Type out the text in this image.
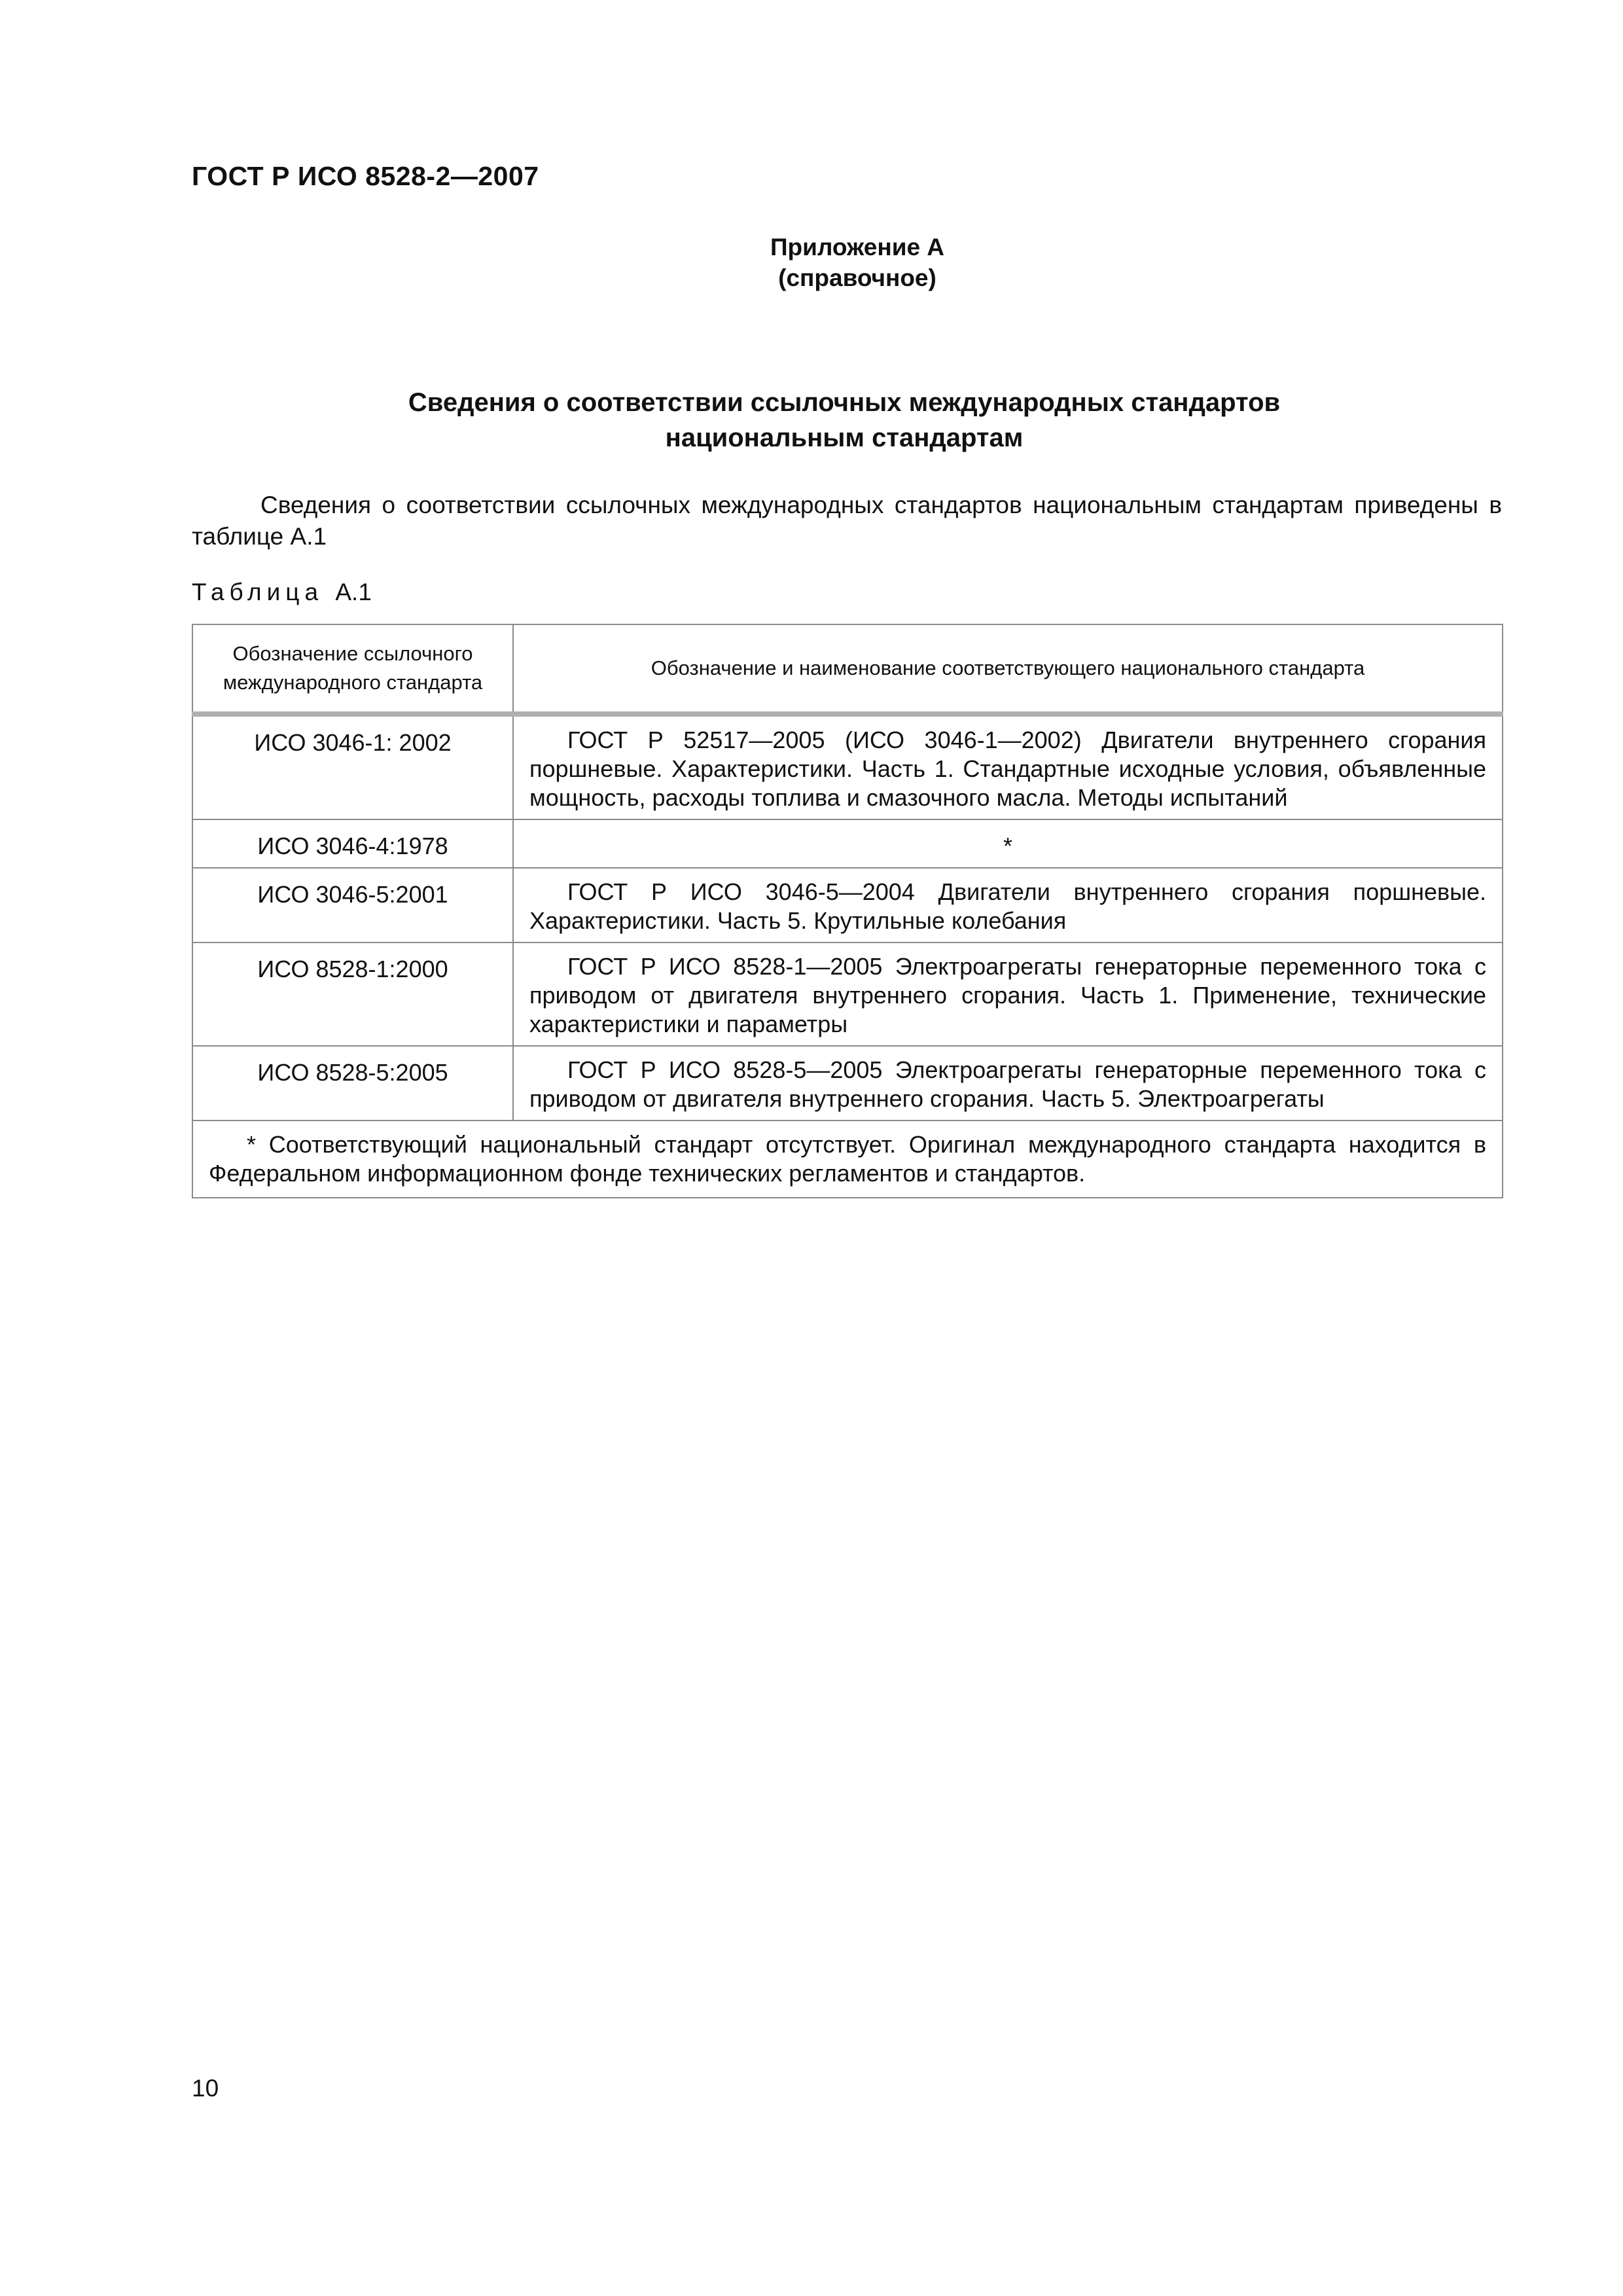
ГОСТ Р ИСО 8528-2—2007
Приложение А
(справочное)
Сведения о соответствии ссылочных международных стандартов
национальным стандартам
Сведения о соответствии ссылочных международных стандартов национальным стандартам приведены в таблице А.1
Таблица А.1
Обозначение ссылочного международного стандарта	Обозначение и наименование соответствующего национального стандарта
ИСО 3046-1: 2002	ГОСТ Р 52517—2005 (ИСО 3046-1—2002) Двигатели внутреннего сгорания поршневые. Характеристики. Часть 1. Стандартные исходные условия, объявленные мощность, расходы топлива и смазочного масла. Методы испытаний
ИСО 3046-4:1978	*
ИСО 3046-5:2001	ГОСТ Р ИСО 3046-5—2004 Двигатели внутреннего сгорания поршневые. Характеристики. Часть 5. Крутильные колебания
ИСО 8528-1:2000	ГОСТ Р ИСО 8528-1—2005 Электроагрегаты генераторные переменного тока с приводом от двигателя внутреннего сгорания. Часть 1. Применение, технические характеристики и параметры
ИСО 8528-5:2005	ГОСТ Р ИСО 8528-5—2005 Электроагрегаты генераторные переменного тока с приводом от двигателя внутреннего сгорания. Часть 5. Электроагрегаты
* Соответствующий национальный стандарт отсутствует. Оригинал международного стандарта находится в Федеральном информационном фонде технических регламентов и стандартов.	
10
